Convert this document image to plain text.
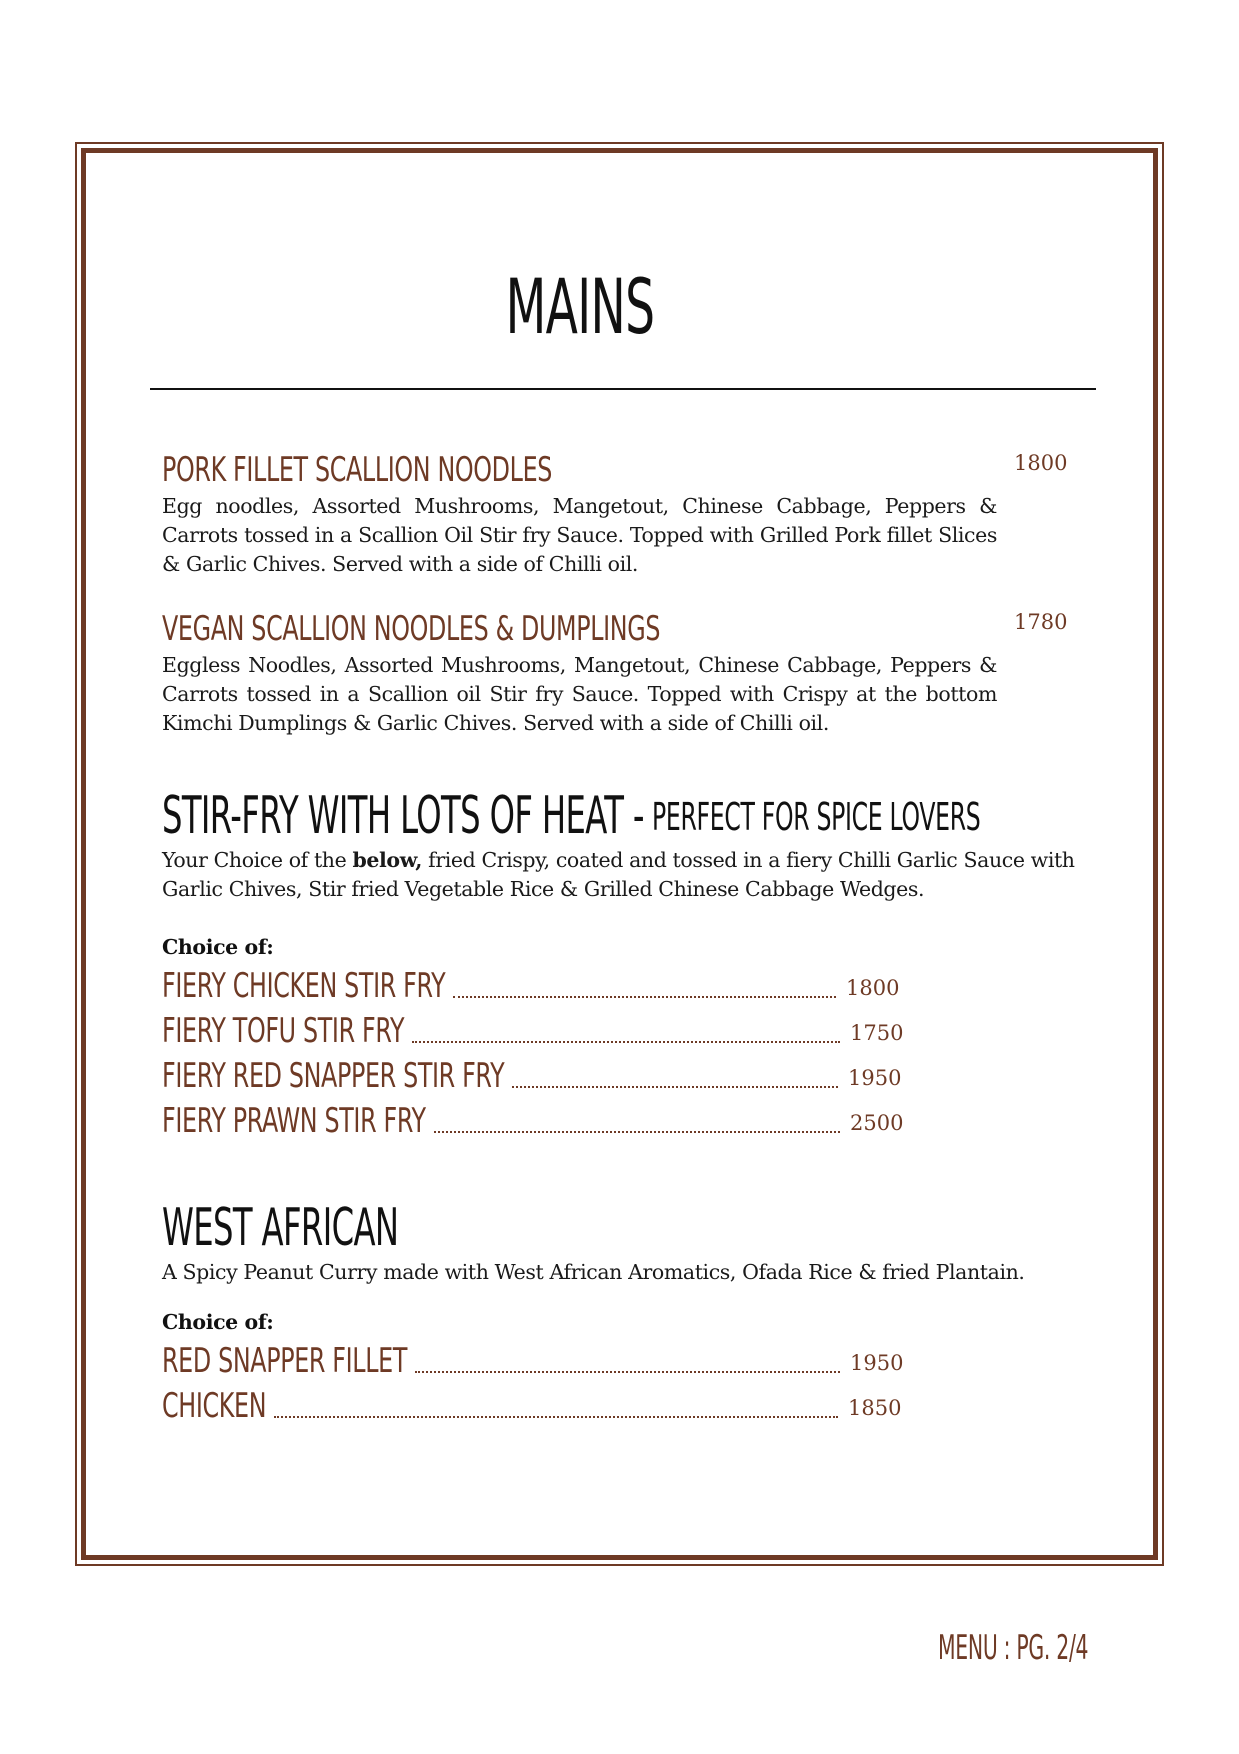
MAINS
PORK FILLET SCALLION NOODLES	1800

Egg noodles, Assorted Mushrooms, Mangetout, Chinese Cabbage, Peppers & Carrots tossed in a Scallion Oil Stir fry Sauce. Topped with Grilled Pork fillet Slices & Garlic Chives. Served with a side of Chilli oil.

VEGAN SCALLION NOODLES & DUMPLINGS	1780

Eggless Noodles, Assorted Mushrooms, Mangetout, Chinese Cabbage, Peppers & Carrots tossed in a Scallion oil Stir fry Sauce. Topped with Crispy at the bottom Kimchi Dumplings & Garlic Chives. Served with a side of Chilli oil.

STIR-FRY WITH LOTS OF HEAT - PERFECT FOR SPICE LOVERS

Your Choice of the below, fried Crispy, coated and tossed in a fiery Chilli Garlic Sauce with Garlic Chives, Stir fried Vegetable Rice & Grilled Chinese Cabbage Wedges.

Choice of:
FIERY CHICKEN STIR FRY	1800
FIERY TOFU STIR FRY	1750
FIERY RED SNAPPER STIR FRY	1950
FIERY PRAWN STIR FRY	2500
WEST AFRICAN

A Spicy Peanut Curry made with West African Aromatics, Ofada Rice & fried Plantain.

Choice of:
RED SNAPPER FILLET	1950
CHICKEN	1850
MENU : PG. 2/4
